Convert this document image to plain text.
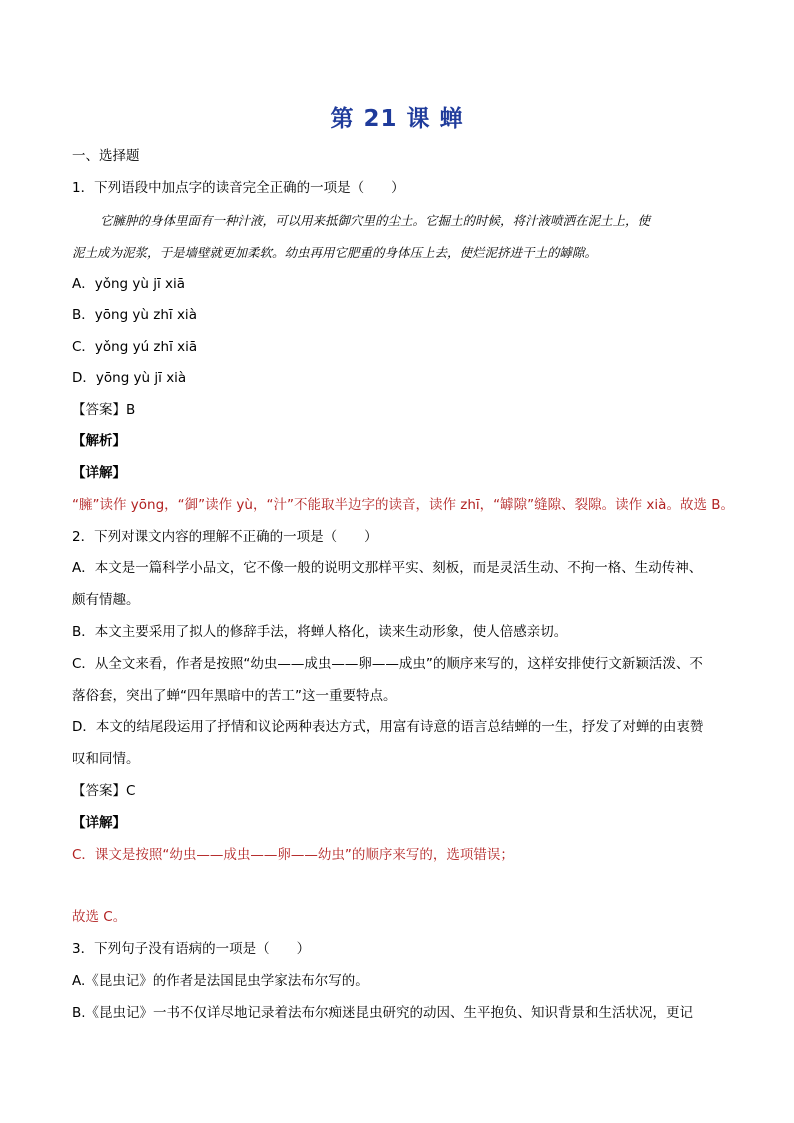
第 21 课 蝉
一、选择题
1．下列语段中加点字的读音完全正确的一项是（　　）
它臃肿的身体里面有一种汁液，可以用来抵御穴里的尘土。它掘土的时候，将汁液喷洒在泥土上，使
泥土成为泥浆，于是墙壁就更加柔软。幼虫再用它肥重的身体压上去，使烂泥挤进干土的罅隙。
A．yǒng yù jī xiā
B．yōng yù zhī xià
C．yǒng yú zhī xiā
D．yōng yù jī xià
【答案】B
【解析】
【详解】
“臃”读作 yōng，“御”读作 yù，“汁”不能取半边字的读音，读作 zhī，“罅隙”缝隙、裂隙。读作 xià。故选 B。
2．下列对课文内容的理解不正确的一项是（　　）
A．本文是一篇科学小品文，它不像一般的说明文那样平实、刻板，而是灵活生动、不拘一格、生动传神、
颇有情趣。
B．本文主要采用了拟人的修辞手法，将蝉人格化，读来生动形象，使人倍感亲切。
C．从全文来看，作者是按照“幼虫——成虫——卵——成虫”的顺序来写的，这样安排使行文新颖活泼、不
落俗套，突出了蝉“四年黑暗中的苦工”这一重要特点。
D．本文的结尾段运用了抒情和议论两种表达方式，用富有诗意的语言总结蝉的一生，抒发了对蝉的由衷赞
叹和同情。
【答案】C
【详解】
C．课文是按照“幼虫——成虫——卵——幼虫”的顺序来写的，选项错误；
故选 C。
3．下列句子没有语病的一项是（　　）
A.《昆虫记》的作者是法国昆虫学家法布尔写的。
B.《昆虫记》一书不仅详尽地记录着法布尔痴迷昆虫研究的动因、生平抱负、知识背景和生活状况，更记
